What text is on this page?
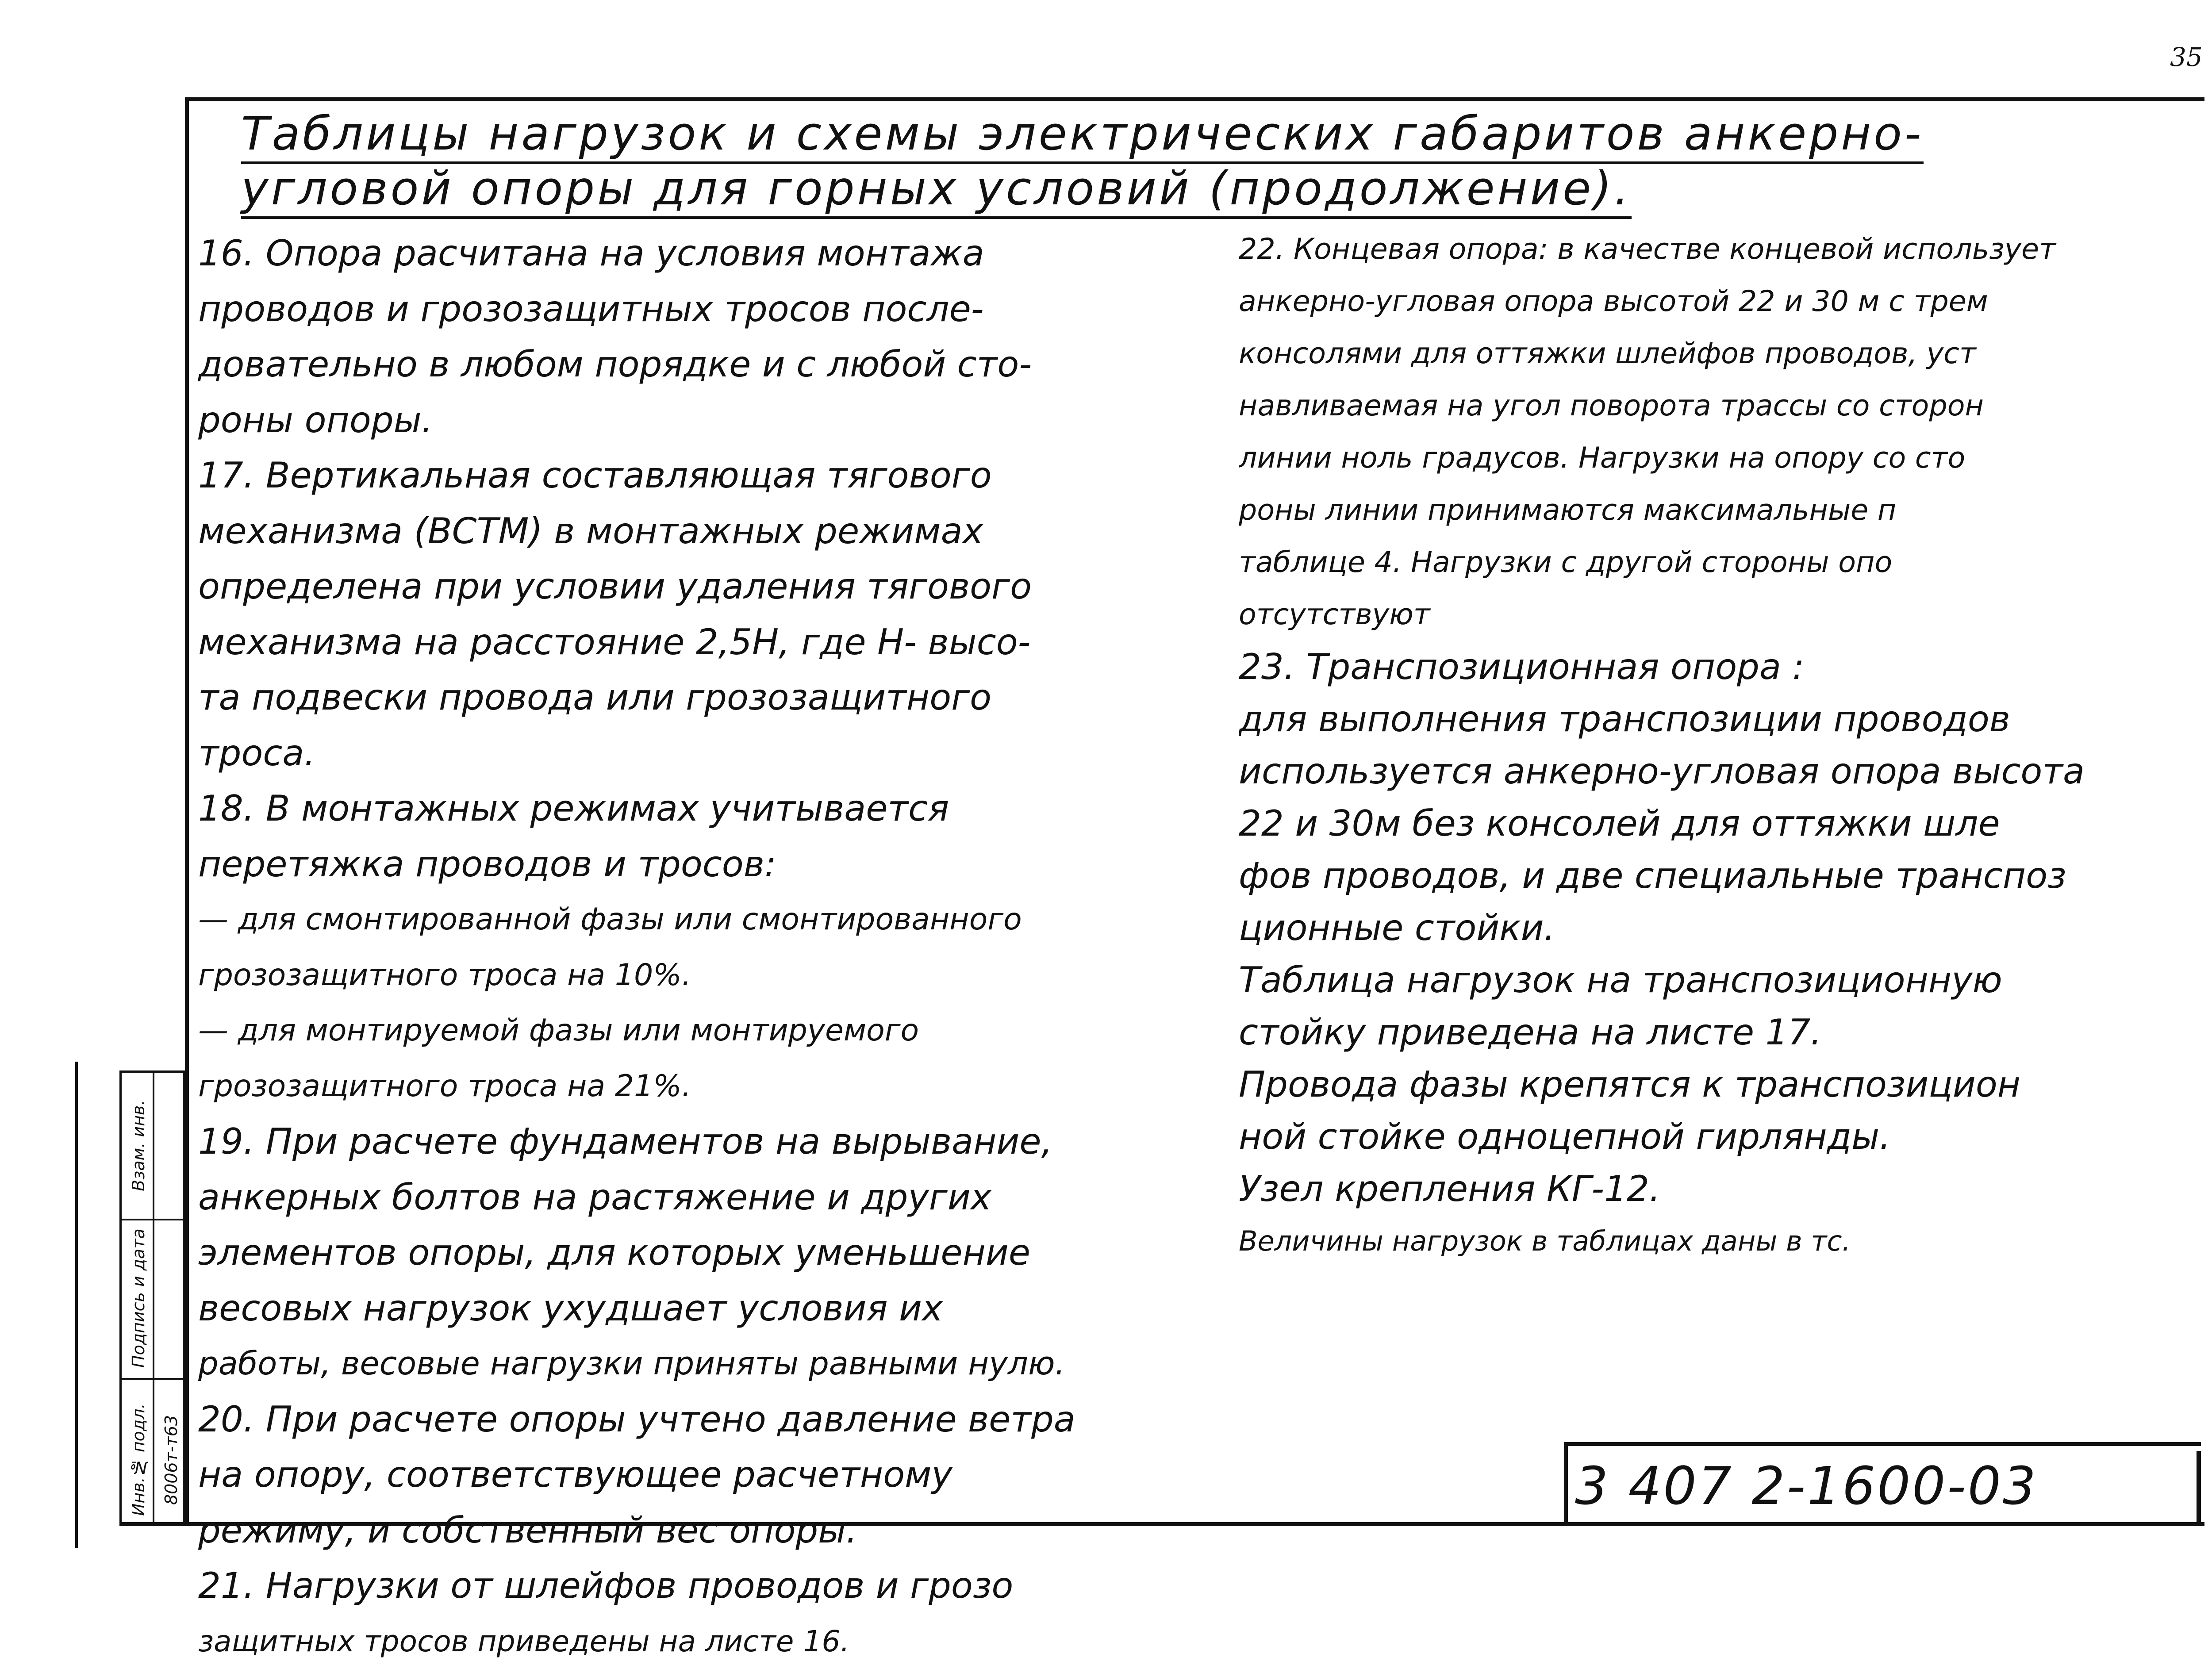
35
Таблицы нагрузок и схемы электрических габаритов анкерно-
угловой опоры для горных условий (продолжение).
16. Опора расчитана на условия монтажа
проводов и грозозащитных тросов после-
довательно в любом порядке и с любой сто-
роны опоры.
17. Вертикальная составляющая тягового
механизма (ВСТМ) в монтажных режимах
определена при условии удаления тягового
механизма на расстояние 2,5Н, где Н- высо-
та подвески провода или грозозащитного
троса.
18. В монтажных режимах учитывается
перетяжка проводов и тросов:
— для смонтированной фазы или смонтированного
грозозащитного троса на 10%.
— для монтируемой фазы или монтируемого
грозозащитного троса на 21%.
19. При расчете фундаментов на вырывание,
анкерных болтов на растяжение и других
элементов опоры, для которых уменьшение
весовых нагрузок ухудшает условия их
работы, весовые нагрузки приняты равными нулю.
20. При расчете опоры учтено давление ветра
на опору, соответствующее расчетному
режиму, и собственный вес опоры.
21. Нагрузки от шлейфов проводов и грозо
защитных тросов приведены на листе 16.
22. Концевая опора: в качестве концевой использует
анкерно-угловая опора высотой 22 и 30 м с трем
консолями для оттяжки шлейфов проводов, уст
навливаемая на угол поворота трассы со сторон
линии ноль градусов. Нагрузки на опору со сто
роны линии принимаются максимальные п
таблице 4. Нагрузки с другой стороны опо
отсутствуют
23. Транспозиционная опора :
для выполнения транспозиции проводов
используется анкерно-угловая опора высота
22 и 30м без консолей для оттяжки шле
фов проводов, и две специальные транспоз
ционные стойки.
Таблица нагрузок на транспозиционную
стойку приведена на листе 17.
Провода фазы крепятся к транспозицион
ной стойке одноцепной гирлянды.
Узел крепления КГ-12.
Величины нагрузок в таблицах даны в тс.
3 407 2-1600-03
Инв.№ подл.
Подпись и дата
Взам. инв.
8006т-т63
